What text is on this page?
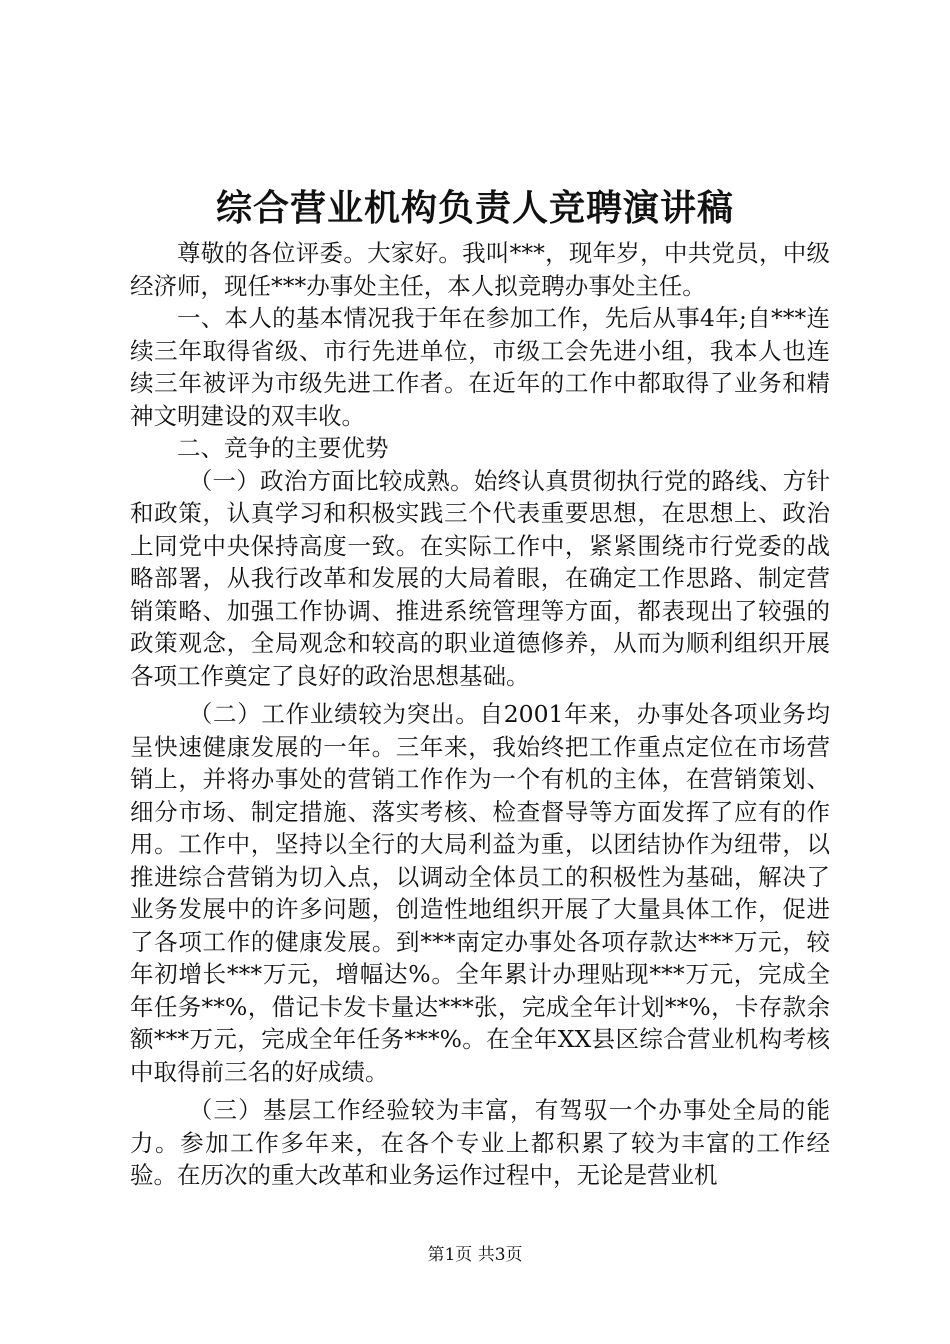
综合营业机构负责人竞聘演讲稿

尊敬的各位评委。大家好。我叫***，现年岁，中共党员，中级经济师，现任***办事处主任，本人拟竞聘办事处主任。

一、本人的基本情况我于年在参加工作，先后从事4年;自***连续三年取得省级、市行先进单位，市级工会先进小组，我本人也连续三年被评为市级先进工作者。在近年的工作中都取得了业务和精神文明建设的双丰收。

二、竞争的主要优势

（一）政治方面比较成熟。始终认真贯彻执行党的路线、方针和政策，认真学习和积极实践三个代表重要思想，在思想上、政治上同党中央保持高度一致。在实际工作中，紧紧围绕市行党委的战略部署，从我行改革和发展的大局着眼，在确定工作思路、制定营销策略、加强工作协调、推进系统管理等方面，都表现出了较强的政策观念，全局观念和较高的职业道德修养，从而为顺利组织开展各项工作奠定了良好的政治思想基础。

（二）工作业绩较为突出。自2001年来，办事处各项业务均呈快速健康发展的一年。三年来，我始终把工作重点定位在市场营销上，并将办事处的营销工作作为一个有机的主体，在营销策划、细分市场、制定措施、落实考核、检查督导等方面发挥了应有的作用。工作中，坚持以全行的大局利益为重，以团结协作为纽带，以推进综合营销为切入点，以调动全体员工的积极性为基础，解决了业务发展中的许多问题，创造性地组织开展了大量具体工作，促进了各项工作的健康发展。到***南定办事处各项存款达***万元，较年初增长***万元，增幅达%。全年累计办理贴现***万元，完成全年任务**%，借记卡发卡量达***张，完成全年计划**%，卡存款余额***万元，完成全年任务***%。在全年XX县区综合营业机构考核中取得前三名的好成绩。

（三）基层工作经验较为丰富，有驾驭一个办事处全局的能力。参加工作多年来，在各个专业上都积累了较为丰富的工作经验。在历次的重大改革和业务运作过程中，无论是营业机

第1页 共3页
